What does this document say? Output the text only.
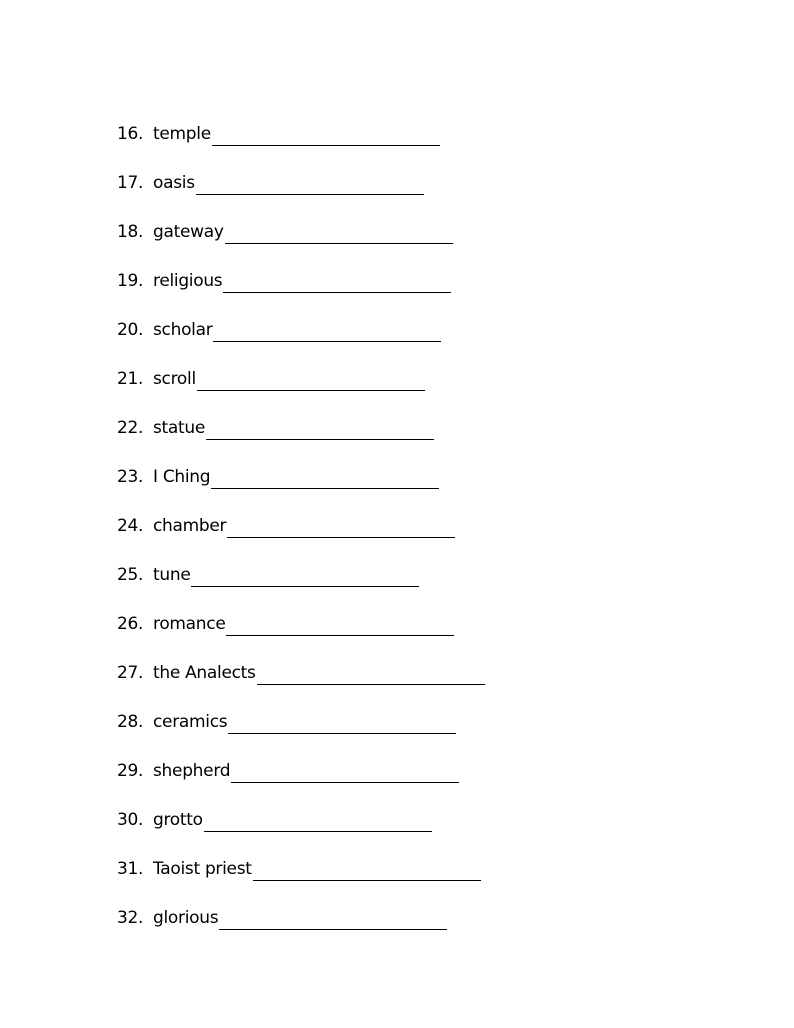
16. temple
17. oasis
18. gateway
19. religious
20. scholar
21. scroll
22. statue
23. I Ching
24. chamber
25. tune
26. romance
27. the Analects
28. ceramics
29. shepherd
30. grotto
31. Taoist priest
32. glorious
